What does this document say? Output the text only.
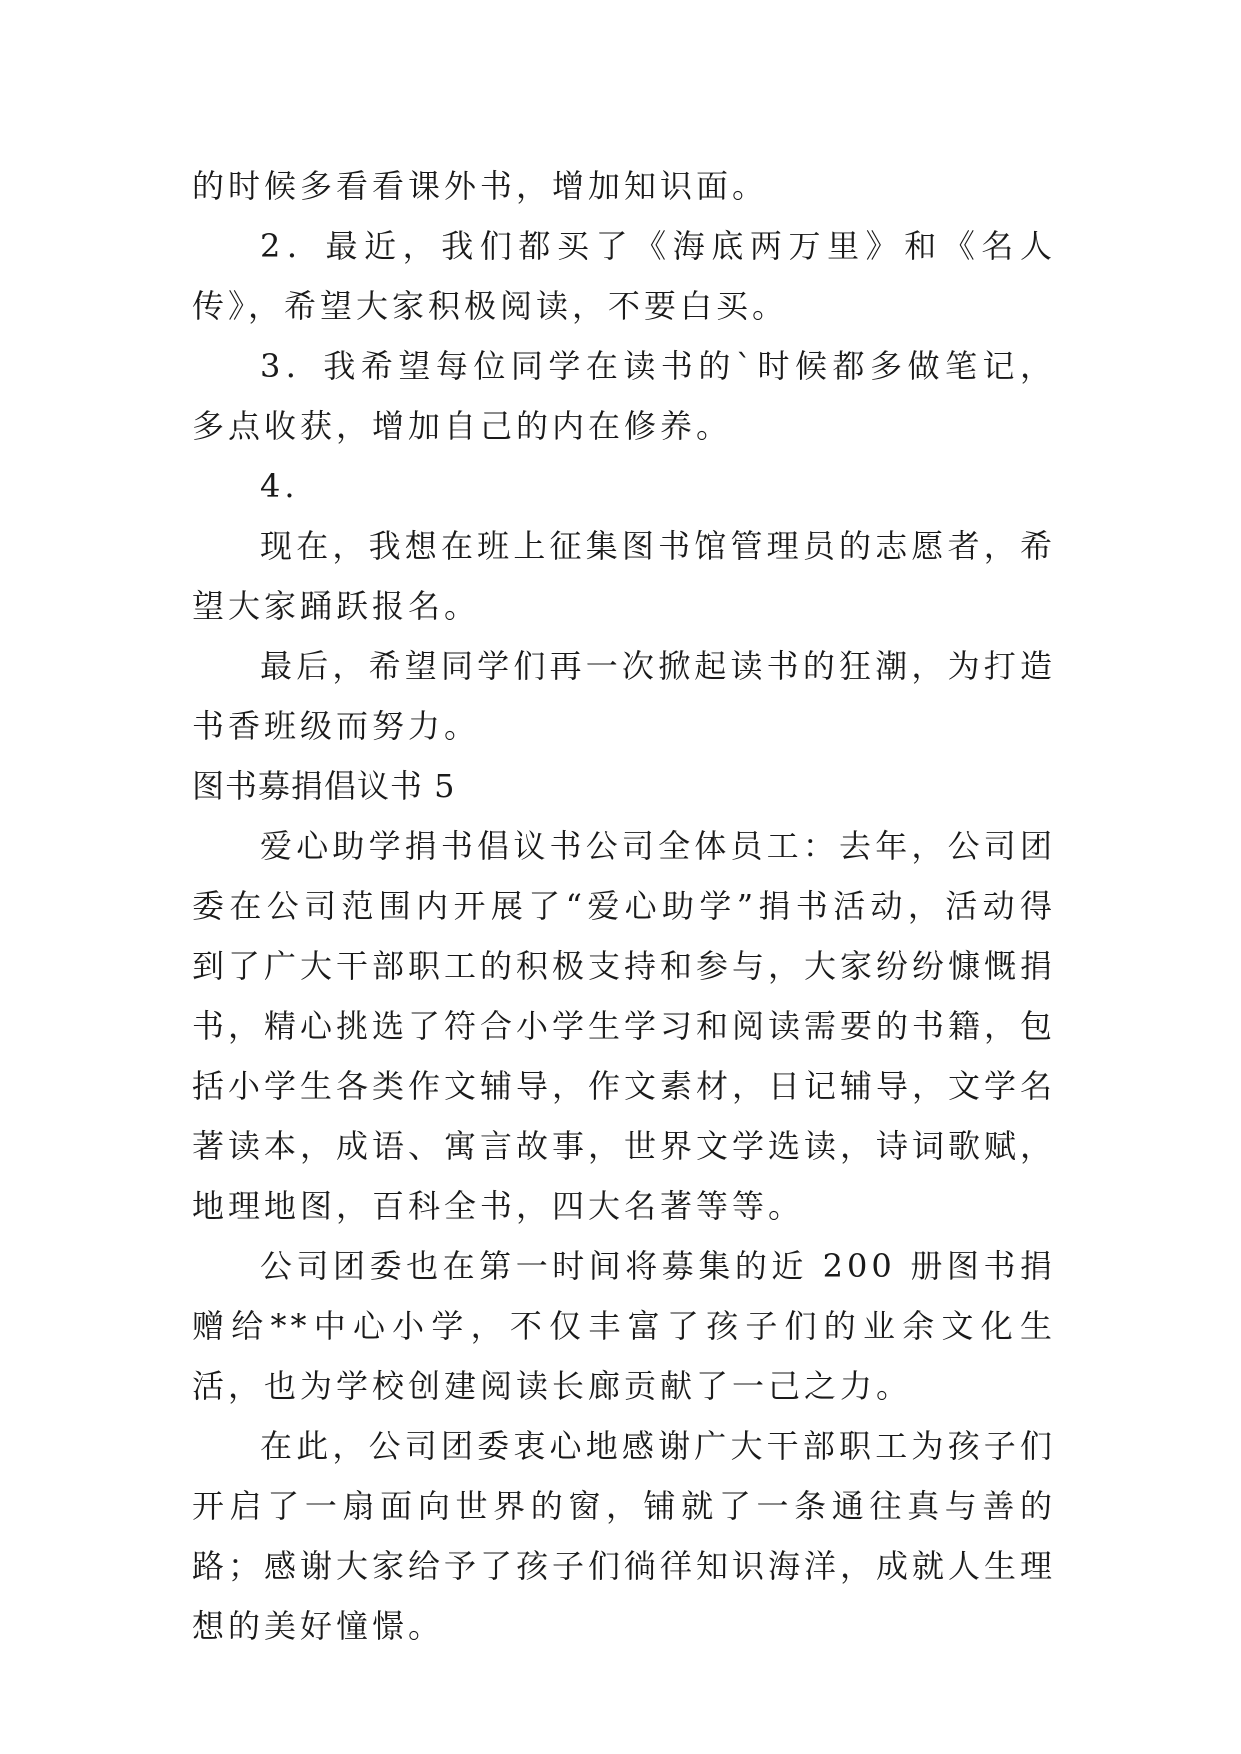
的时候多看看课外书，增加知识面。

2．最近，我们都买了《海底两万里》和《名人传》，希望大家积极阅读，不要白买。

3．我希望每位同学在读书的`时候都多做笔记，多点收获，增加自己的内在修养。

4.

现在，我想在班上征集图书馆管理员的志愿者，希望大家踊跃报名。

最后，希望同学们再一次掀起读书的狂潮，为打造书香班级而努力。

图书募捐倡议书 5

爱心助学捐书倡议书公司全体员工：去年，公司团委在公司范围内开展了“爱心助学”捐书活动，活动得到了广大干部职工的积极支持和参与，大家纷纷慷慨捐书，精心挑选了符合小学生学习和阅读需要的书籍，包括小学生各类作文辅导，作文素材，日记辅导，文学名著读本，成语、寓言故事，世界文学选读，诗词歌赋，地理地图，百科全书，四大名著等等。

公司团委也在第一时间将募集的近 200 册图书捐赠给**中心小学，不仅丰富了孩子们的业余文化生活，也为学校创建阅读长廊贡献了一己之力。

在此，公司团委衷心地感谢广大干部职工为孩子们开启了一扇面向世界的窗，铺就了一条通往真与善的路；感谢大家给予了孩子们徜徉知识海洋，成就人生理想的美好憧憬。
